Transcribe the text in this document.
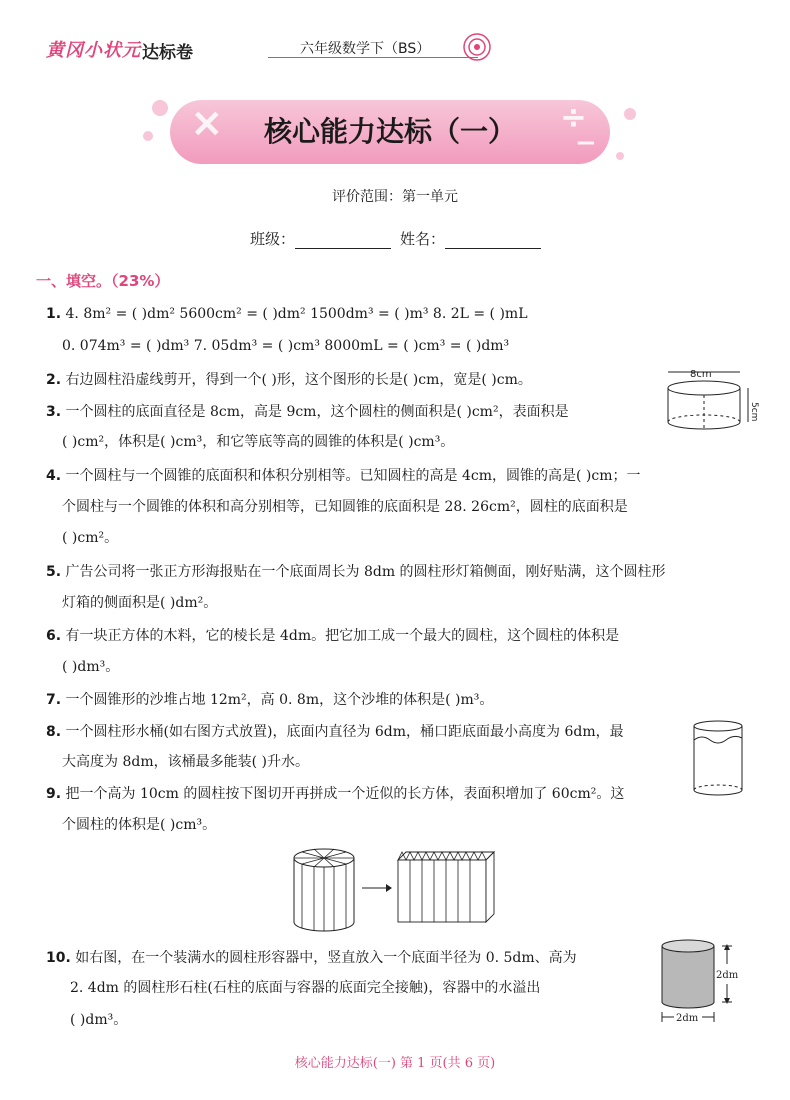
黄冈小状元 达标卷	六年级数学下（BS）
×	÷
−
核心能力达标（一）
评价范围：第一单元
班级：	姓名：
一、填空。（23%）
1. 4. 8m² = ( )dm² 5600cm² = ( )dm² 1500dm³ = ( )m³ 8. 2L = ( )mL
0. 074m³ = ( )dm³ 7. 05dm³ = ( )cm³ 8000mL = ( )cm³ = ( )dm³
2. 右边圆柱沿虚线剪开，得到一个( )形，这个图形的长是( )cm，宽是( )cm。	8cm
5cm
3. 一个圆柱的底面直径是 8cm，高是 9cm，这个圆柱的侧面积是( )cm²，表面积是
( )cm²，体积是( )cm³，和它等底等高的圆锥的体积是( )cm³。
4. 一个圆柱与一个圆锥的底面积和体积分别相等。已知圆柱的高是 4cm，圆锥的高是( )cm；一
个圆柱与一个圆锥的体积和高分别相等，已知圆锥的底面积是 28. 26cm²，圆柱的底面积是
( )cm²。
5. 广告公司将一张正方形海报贴在一个底面周长为 8dm 的圆柱形灯箱侧面，刚好贴满，这个圆柱形
灯箱的侧面积是( )dm²。
6. 有一块正方体的木料，它的棱长是 4dm。把它加工成一个最大的圆柱，这个圆柱的体积是
( )dm³。
7. 一个圆锥形的沙堆占地 12m²，高 0. 8m，这个沙堆的体积是( )m³。
8. 一个圆柱形水桶(如右图方式放置)，底面内直径为 6dm，桶口距底面最小高度为 6dm，最
大高度为 8dm，该桶最多能装( )升水。
9. 把一个高为 10cm 的圆柱按下图切开再拼成一个近似的长方体，表面积增加了 60cm²。这
个圆柱的体积是( )cm³。
10. 如右图，在一个装满水的圆柱形容器中，竖直放入一个底面半径为 0. 5dm、高为
2. 4dm 的圆柱形石柱(石柱的底面与容器的底面完全接触)，容器中的水溢出
( )dm³。
2dm
2dm
核心能力达标(一) 第 1 页(共 6 页)
